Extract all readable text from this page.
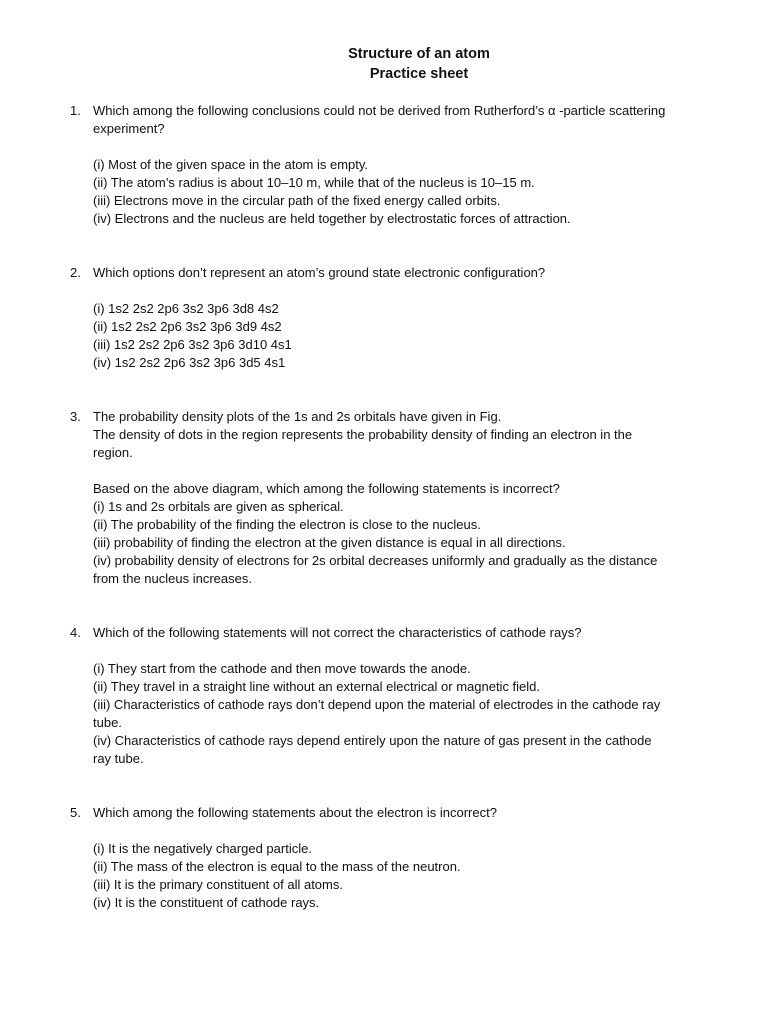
Structure of an atom
Practice sheet
1. Which among the following conclusions could not be derived from Rutherford’s α -particle scattering experiment?

(i) Most of the given space in the atom is empty.

(ii) The atom’s radius is about 10–10 m, while that of the nucleus is 10–15 m.

(iii) Electrons move in the circular path of the fixed energy called orbits.

(iv) Electrons and the nucleus are held together by electrostatic forces of attraction.

2. Which options don’t represent an atom’s ground state electronic configuration?

(i) 1s2 2s2 2p6 3s2 3p6 3d8 4s2

(ii) 1s2 2s2 2p6 3s2 3p6 3d9 4s2

(iii) 1s2 2s2 2p6 3s2 3p6 3d10 4s1

(iv) 1s2 2s2 2p6 3s2 3p6 3d5 4s1

3. The probability density plots of the 1s and 2s orbitals have given in Fig.

The density of dots in the region represents the probability density of finding an electron in the region.

Based on the above diagram, which among the following statements is incorrect?

(i) 1s and 2s orbitals are given as spherical.

(ii) The probability of the finding the electron is close to the nucleus.

(iii) probability of finding the electron at the given distance is equal in all directions.

(iv) probability density of electrons for 2s orbital decreases uniformly and gradually as the distance from the nucleus increases.

4. Which of the following statements will not correct the characteristics of cathode rays?

(i) They start from the cathode and then move towards the anode.

(ii) They travel in a straight line without an external electrical or magnetic field.

(iii) Characteristics of cathode rays don’t depend upon the material of electrodes in the cathode ray tube.

(iv) Characteristics of cathode rays depend entirely upon the nature of gas present in the cathode ray tube.

5. Which among the following statements about the electron is incorrect?

(i) It is the negatively charged particle.

(ii) The mass of the electron is equal to the mass of the neutron.

(iii) It is the primary constituent of all atoms.

(iv) It is the constituent of cathode rays.
